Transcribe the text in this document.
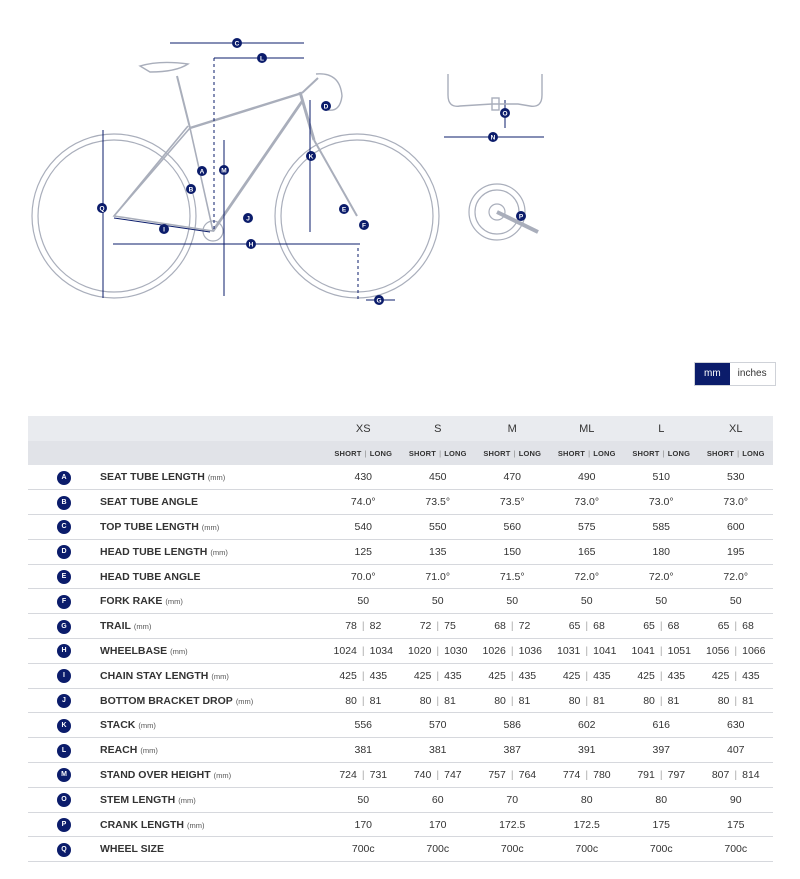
C
L
D
K
A	M
B
Q	E
J
F
I
H
G
O
N
P
mm	inches
		XS	S	M	ML	L	XL
		SHORT | LONG	SHORT | LONG	SHORT | LONG	SHORT | LONG	SHORT | LONG	SHORT | LONG
A	SEAT TUBE LENGTH (mm)	430	450	470	490	510	530
B	SEAT TUBE ANGLE	74.0°	73.5°	73.5°	73.0°	73.0°	73.0°
C	TOP TUBE LENGTH (mm)	540	550	560	575	585	600
D	HEAD TUBE LENGTH (mm)	125	135	150	165	180	195
E	HEAD TUBE ANGLE	70.0°	71.0°	71.5°	72.0°	72.0°	72.0°
F	FORK RAKE (mm)	50	50	50	50	50	50
G	TRAIL (mm)	78 | 82	72 | 75	68 | 72	65 | 68	65 | 68	65 | 68
H	WHEELBASE (mm)	1024 | 1034	1020 | 1030	1026 | 1036	1031 | 1041	1041 | 1051	1056 | 1066
I	CHAIN STAY LENGTH (mm)	425 | 435	425 | 435	425 | 435	425 | 435	425 | 435	425 | 435
J	BOTTOM BRACKET DROP (mm)	80 | 81	80 | 81	80 | 81	80 | 81	80 | 81	80 | 81
K	STACK (mm)	556	570	586	602	616	630
L	REACH (mm)	381	381	387	391	397	407
M	STAND OVER HEIGHT (mm)	724 | 731	740 | 747	757 | 764	774 | 780	791 | 797	807 | 814
O	STEM LENGTH (mm)	50	60	70	80	80	90
P	CRANK LENGTH (mm)	170	170	172.5	172.5	175	175
Q	WHEEL SIZE	700c	700c	700c	700c	700c	700c
